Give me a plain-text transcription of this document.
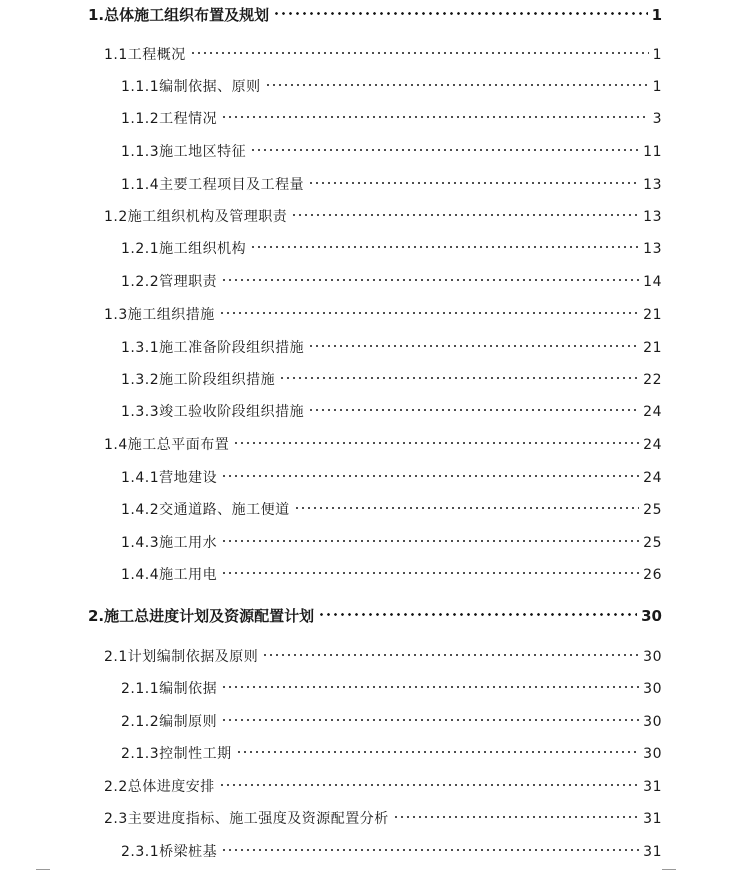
1.总体施工组织布置及规划	1
1.1工程概况	1
1.1.1编制依据、原则	1
1.1.2工程情况	3
1.1.3施工地区特征	11
1.1.4主要工程项目及工程量	13
1.2施工组织机构及管理职责	13
1.2.1施工组织机构	13
1.2.2管理职责	14
1.3施工组织措施	21
1.3.1施工准备阶段组织措施	21
1.3.2施工阶段组织措施	22
1.3.3竣工验收阶段组织措施	24
1.4施工总平面布置	24
1.4.1营地建设	24
1.4.2交通道路、施工便道	25
1.4.3施工用水	25
1.4.4施工用电	26
2.施工总进度计划及资源配置计划	30
2.1计划编制依据及原则	30
2.1.1编制依据	30
2.1.2编制原则	30
2.1.3控制性工期	30
2.2总体进度安排	31
2.3主要进度指标、施工强度及资源配置分析	31
2.3.1桥梁桩基	31
